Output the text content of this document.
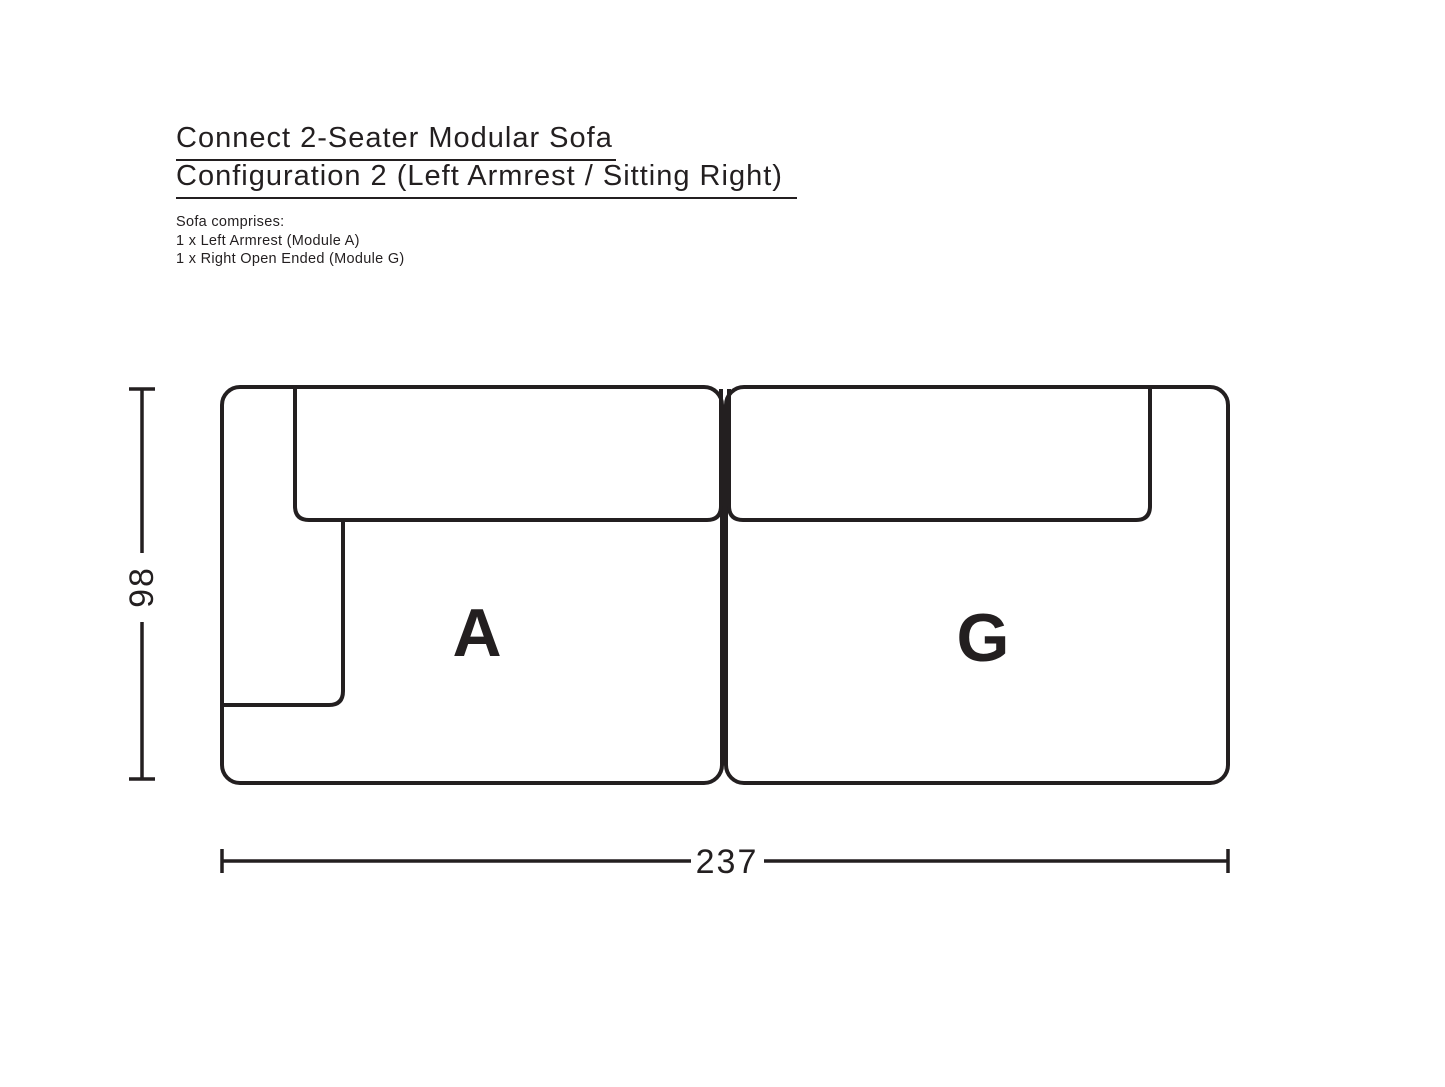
Connect 2-Seater Modular Sofa
Configuration 2 (Left Armrest / Sitting Right)
Sofa comprises:
1 x Left Armrest (Module A)
1 x Right Open Ended (Module G)
98
237
A	G
